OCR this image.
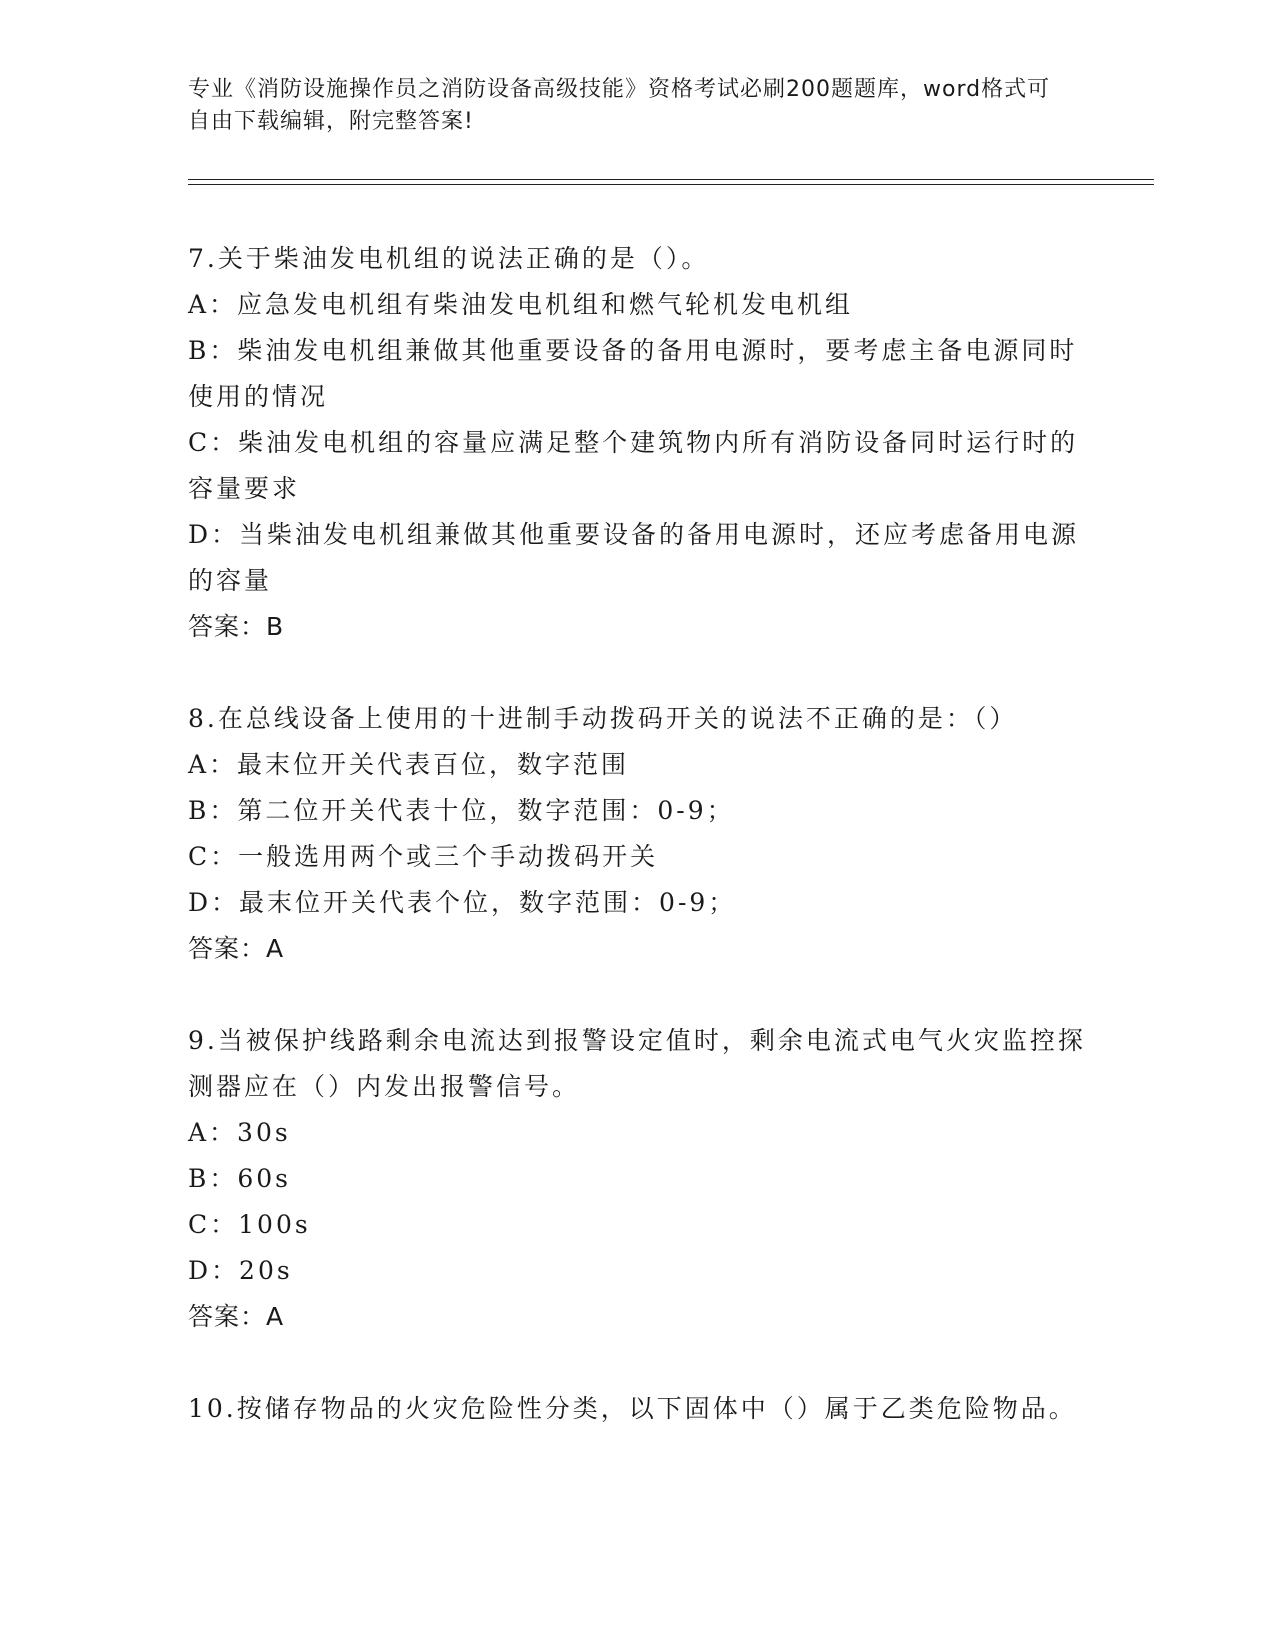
专业《消防设施操作员之消防设备高级技能》资格考试必刷200题题库，word格式可自由下载编辑，附完整答案!
7.关于柴油发电机组的说法正确的是（）。
A：应急发电机组有柴油发电机组和燃气轮机发电机组
B：柴油发电机组兼做其他重要设备的备用电源时，要考虑主备电源同时使用的情况
C：柴油发电机组的容量应满足整个建筑物内所有消防设备同时运行时的容量要求
D：当柴油发电机组兼做其他重要设备的备用电源时，还应考虑备用电源的容量
答案：B
8.在总线设备上使用的十进制手动拨码开关的说法不正确的是：（）
A：最末位开关代表百位，数字范围
B：第二位开关代表十位，数字范围：0-9；
C：一般选用两个或三个手动拨码开关
D：最末位开关代表个位，数字范围：0-9；
答案：A
9.当被保护线路剩余电流达到报警设定值时，剩余电流式电气火灾监控探测器应在（）内发出报警信号。
A：30s
B：60s
C：100s
D：20s
答案：A
10.按储存物品的火灾危险性分类，以下固体中（）属于乙类危险物品。
